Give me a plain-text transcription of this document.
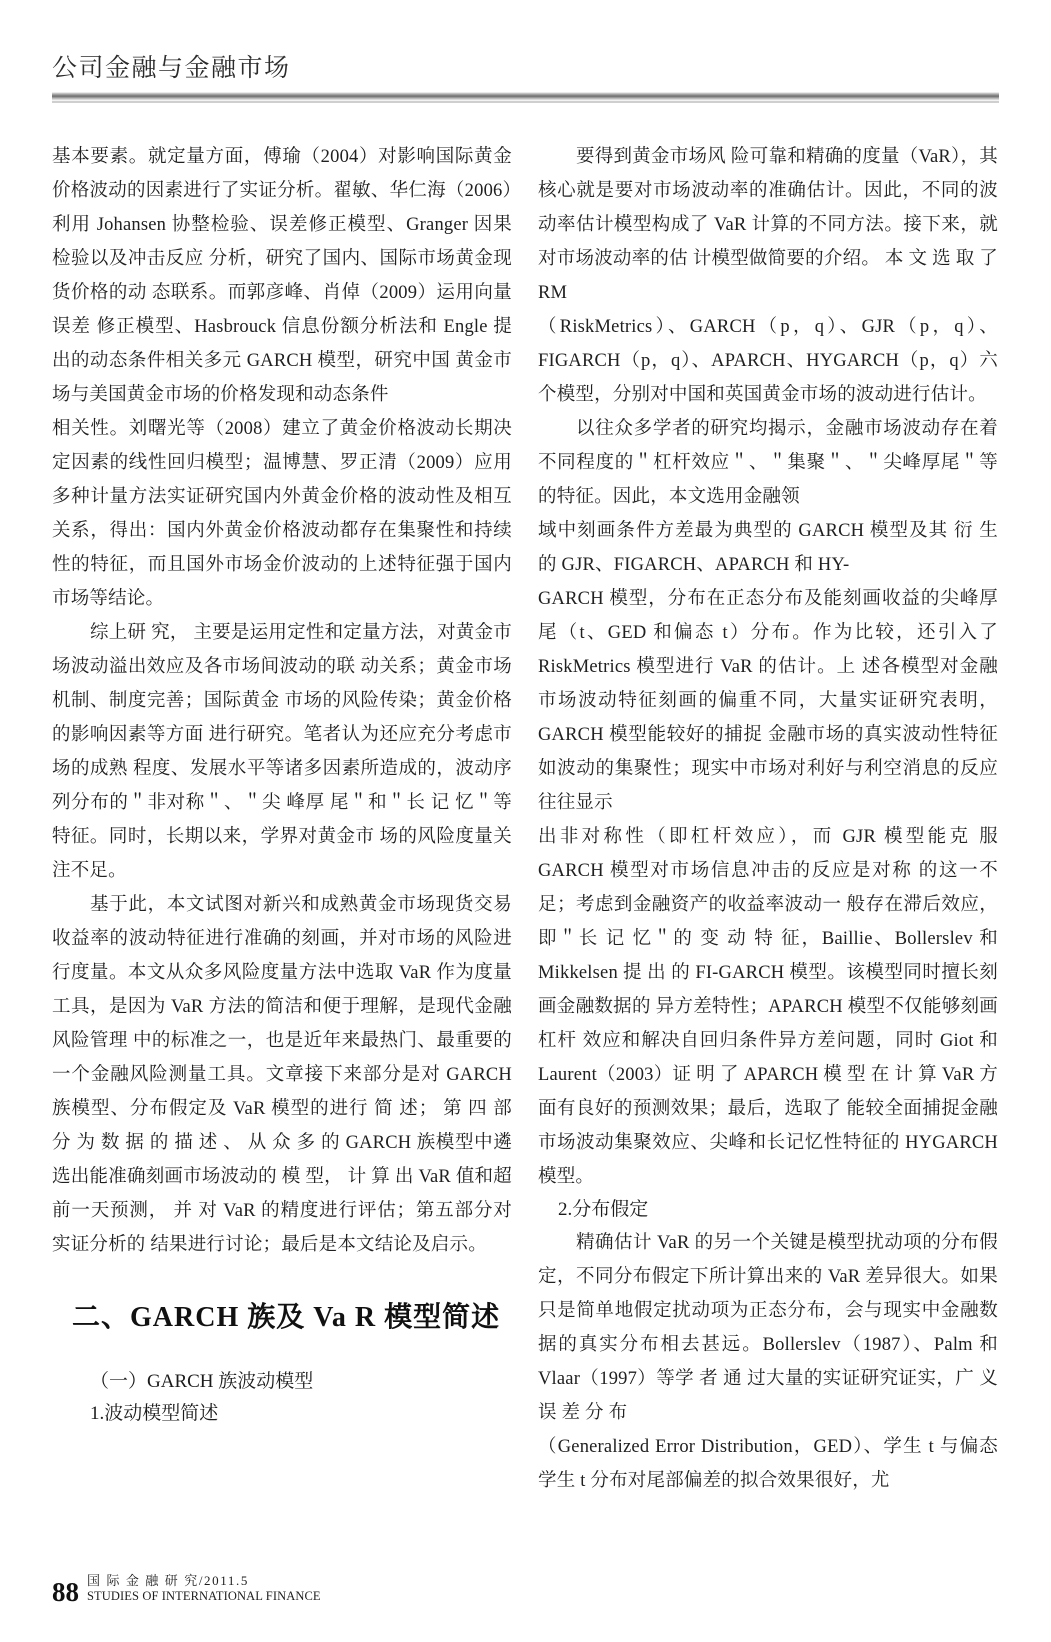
公司金融与金融市场

基本要素。就定量方面，傅瑜（2004）对影响国际黄金价格波动的因素进行了实证分析。翟敏、华仁海（2006）利用 Johansen 协整检验、误差修正模型、Granger 因果检验以及冲击反应 分析，研究了国内、国际市场黄金现货价格的动 态联系。而郭彦峰、肖倬（2009）运用向量误差 修正模型、Hasbrouck 信息份额分析法和 Engle 提 出的动态条件相关多元 GARCH 模型，研究中国 黄金市场与美国黄金市场的价格发现和动态条件

相关性。刘曙光等（2008）建立了黄金价格波动长期决定因素的线性回归模型；温博慧、罗正清（2009）应用多种计量方法实证研究国内外黄金价格的波动性及相互关系，得出：国内外黄金价格波动都存在集聚性和持续性的特征，而且国外市场金价波动的上述特征强于国内市场等结论。

综上研 究， 主要是运用定性和定量方法，对黄金市场波动溢出效应及各市场间波动的联 动关系；黄金市场机制、制度完善；国际黄金 市场的风险传染；黄金价格的影响因素等方面 进行研究。笔者认为还应充分考虑市场的成熟 程度、发展水平等诸多因素所造成的，波动序 列分布的＂非对称＂、＂尖 峰厚 尾＂和＂长 记 忆＂等特征。同时，长期以来，学界对黄金市 场的风险度量关注不足。

基于此，本文试图对新兴和成熟黄金市场现货交易收益率的波动特征进行准确的刻画，并对市场的风险进行度量。本文从众多风险度量方法中选取 VaR 作为度量工具，是因为 VaR 方法的简洁和便于理解，是现代金融风险管理 中的标准之一，也是近年来最热门、最重要的 一个金融风险测量工具。文章接下来部分是对 GARCH 族模型、分布假定及 VaR 模型的进行 简 述； 第 四 部 分 为 数 据 的 描 述 、 从 众 多 的 GARCH 族模型中遴选出能准确刻画市场波动的 模 型， 计 算 出 VaR 值和超前一天预测， 并 对 VaR 的精度进行评估；第五部分对实证分析的 结果进行讨论；最后是本文结论及启示。

二、GARCH 族及 Va R 模型简述
（一）GARCH 族波动模型
1.波动模型简述

要得到黄金市场风 险可靠和精确的度量（VaR），其核心就是要对市场波动率的准确估计。因此，不同的波动率估计模型构成了 VaR 计算的不同方法。接下来，就对市场波动率的估 计模型做简要的介绍。 本 文 选 取 了 RM

（RiskMetrics）、GARCH（p，q）、GJR（p，q）、FIGARCH（p，q）、APARCH、HYGARCH（p，q）六个模型，分别对中国和英国黄金市场的波动进行估计。

以往众多学者的研究均揭示，金融市场波动存在着不同程度的＂杠杆效应＂、＂集聚＂、＂尖峰厚尾＂等的特征。因此，本文选用金融领

域中刻画条件方差最为典型的 GARCH 模型及其 衍 生 的 GJR、FIGARCH、APARCH 和 HY-

GARCH 模型，分布在正态分布及能刻画收益的尖峰厚尾（t、GED 和偏态 t）分布。作为比较，还引入了 RiskMetrics 模型进行 VaR 的估计。上 述各模型对金融市场波动特征刻画的偏重不同，大量实证研究表明，GARCH 模型能较好的捕捉 金融市场的真实波动性特征如波动的集聚性；现实中市场对利好与利空消息的反应往往显示

出非对称性（即杠杆效应），而 GJR 模型能克 服 GARCH 模型对市场信息冲击的反应是对称 的这一不足；考虑到金融资产的收益率波动一 般存在滞后效应，即＂长 记 忆＂的 变 动 特 征，Baillie、Bollerslev 和 Mikkelsen 提 出 的 FI-GARCH 模型。该模型同时擅长刻画金融数据的 异方差特性；APARCH 模型不仅能够刻画杠杆 效应和解决自回归条件异方差问题，同时 Giot 和 Laurent（2003）证 明 了 APARCH 模 型 在 计 算 VaR 方面有良好的预测效果；最后，选取了 能较全面捕捉金融市场波动集聚效应、尖峰和长记忆性特征的 HYGARCH 模型。

2.分布假定

精确估计 VaR 的另一个关键是模型扰动项的分布假定，不同分布假定下所计算出来的 VaR 差异很大。如果只是简单地假定扰动项为正态分布，会与现实中金融数据的真实分布相去甚远。Bollerslev（1987）、Palm 和 Vlaar（1997）等学 者 通 过大量的实证研究证实，广 义 误 差 分 布

（Generalized Error Distribution，GED）、学生 t 与偏态学生 t 分布对尾部偏差的拟合效果很好，尤

88 国 际 金 融 研 究/2011.5
STUDIES OF INTERNATIONAL FINANCE
